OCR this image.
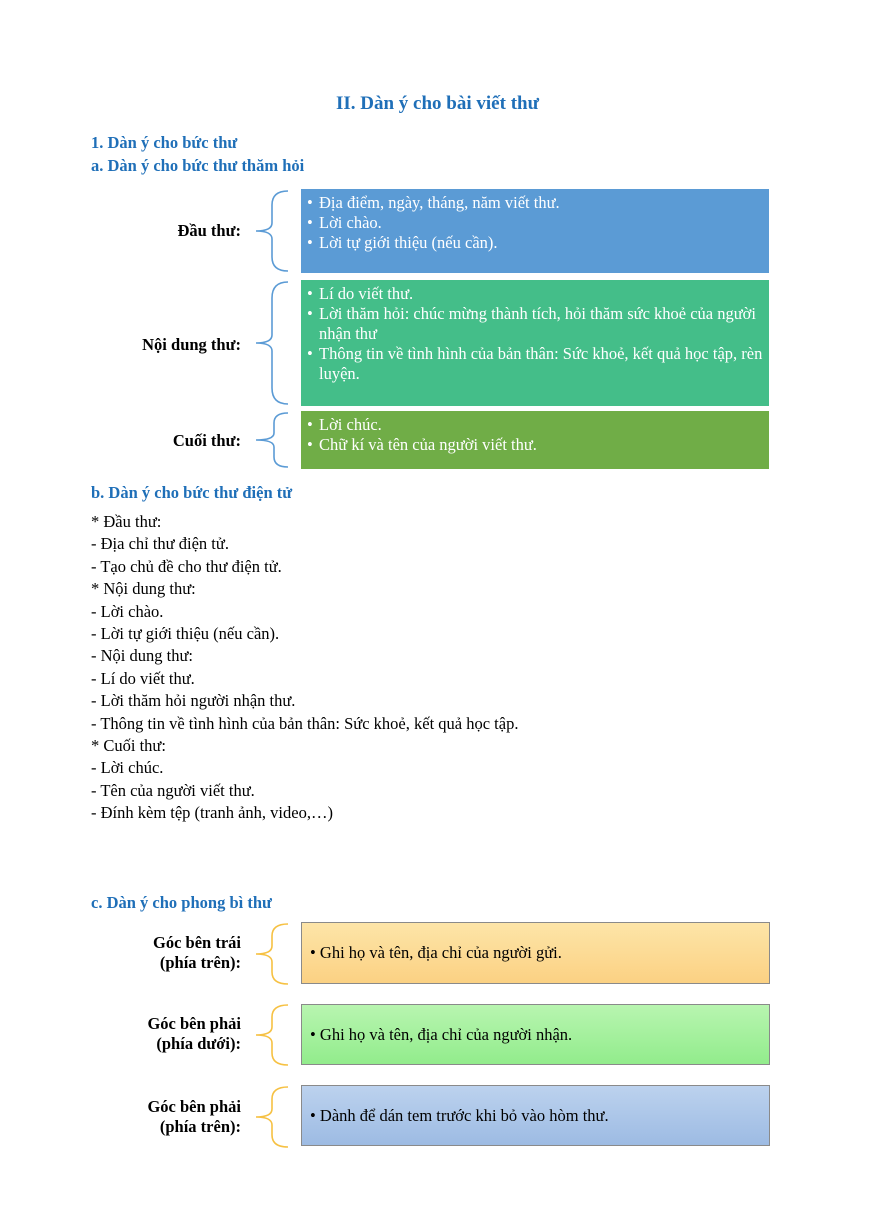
II. Dàn ý cho bài viết thư
1. Dàn ý cho bức thư
a. Dàn ý cho bức thư thăm hỏi
Đầu thư:
• Địa điểm, ngày, tháng, năm viết thư.
• Lời chào.
• Lời tự giới thiệu (nếu cần).
Nội dung thư:
• Lí do viết thư.
• Lời thăm hỏi: chúc mừng thành tích, hỏi thăm sức khoẻ của người nhận thư
• Thông tin về tình hình của bản thân: Sức khoẻ, kết quả học tập, rèn luyện.
Cuối thư:
• Lời chúc.
• Chữ kí và tên của người viết thư.
b. Dàn ý cho bức thư điện tử
* Đầu thư:
- Địa chỉ thư điện tử.
- Tạo chủ đề cho thư điện tử.
* Nội dung thư:
- Lời chào.
- Lời tự giới thiệu (nếu cần).
- Nội dung thư:
- Lí do viết thư.
- Lời thăm hỏi người nhận thư.
- Thông tin về tình hình của bản thân: Sức khoẻ, kết quả học tập.
* Cuối thư:
- Lời chúc.
- Tên của người viết thư.
- Đính kèm tệp (tranh ảnh, video,…)
c. Dàn ý cho phong bì thư
Góc bên trái
(phía trên):
• Ghi họ và tên, địa chỉ của người gửi.
Góc bên phải
(phía dưới):	• Ghi họ và tên, địa chỉ của người nhận.
Góc bên phải
(phía trên):
• Dành để dán tem trước khi bỏ vào hòm thư.
